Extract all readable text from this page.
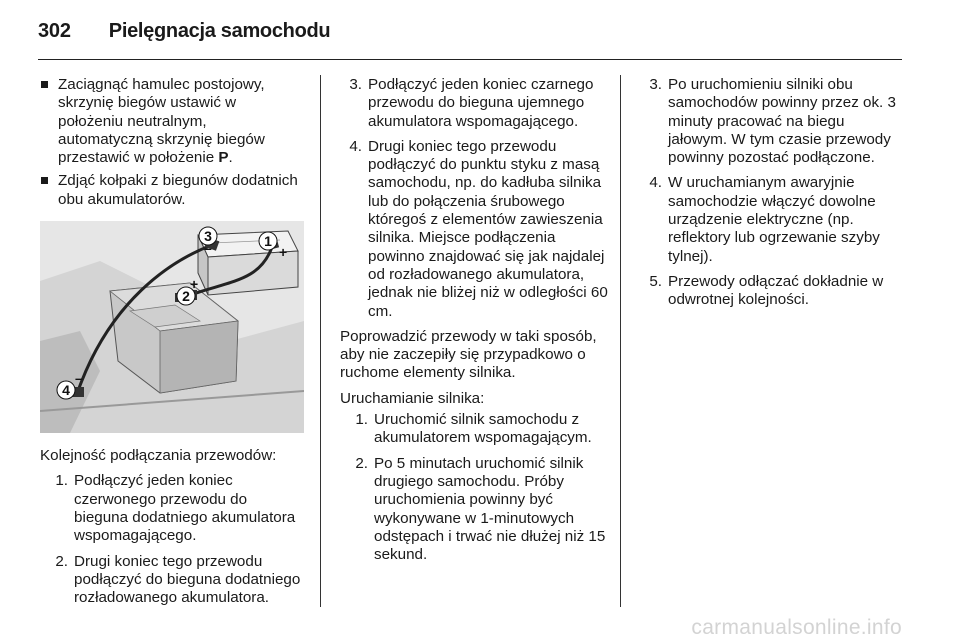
302 Pielęgnacja samochodu
Zaciągnąć hamulec postojowy, skrzynię biegów ustawić w położeniu neutralnym, automatyczną skrzynię biegów przestawić w położenie P.
Zdjąć kołpaki z biegunów dodatnich obu akumulatorów.
1
+
2
+
3
–
4
–
Kolejność podłączania przewodów:
1. Podłączyć jeden koniec czerwonego przewodu do bieguna dodatniego akumulatora wspomagającego.
2. Drugi koniec tego przewodu podłączyć do bieguna dodatniego rozładowanego akumulatora.
3. Podłączyć jeden koniec czarnego przewodu do bieguna ujemnego akumulatora wspomagającego.
4. Drugi koniec tego przewodu podłączyć do punktu styku z masą samochodu, np. do kadłuba silnika lub do połączenia śrubowego któregoś z elementów zawieszenia silnika. Miejsce podłączenia powinno znajdować się jak najdalej od rozładowanego akumulatora, jednak nie bliżej niż w odległości 60 cm.
Poprowadzić przewody w taki sposób, aby nie zaczepiły się przypadkowo o ruchome elementy silnika.
Uruchamianie silnika:
1. Uruchomić silnik samochodu z akumulatorem wspomagającym.
2. Po 5 minutach uruchomić silnik drugiego samochodu. Próby uruchomienia powinny być wykonywane w 1-minutowych odstępach i trwać nie dłużej niż 15 sekund.
3. Po uruchomieniu silniki obu samochodów powinny przez ok. 3 minuty pracować na biegu jałowym. W tym czasie przewody powinny pozostać podłączone.
4. W uruchamianym awaryjnie samochodzie włączyć dowolne urządzenie elektryczne (np. reflektory lub ogrzewanie szyby tylnej).
5. Przewody odłączać dokładnie w odwrotnej kolejności.
carmanualsonline.info
